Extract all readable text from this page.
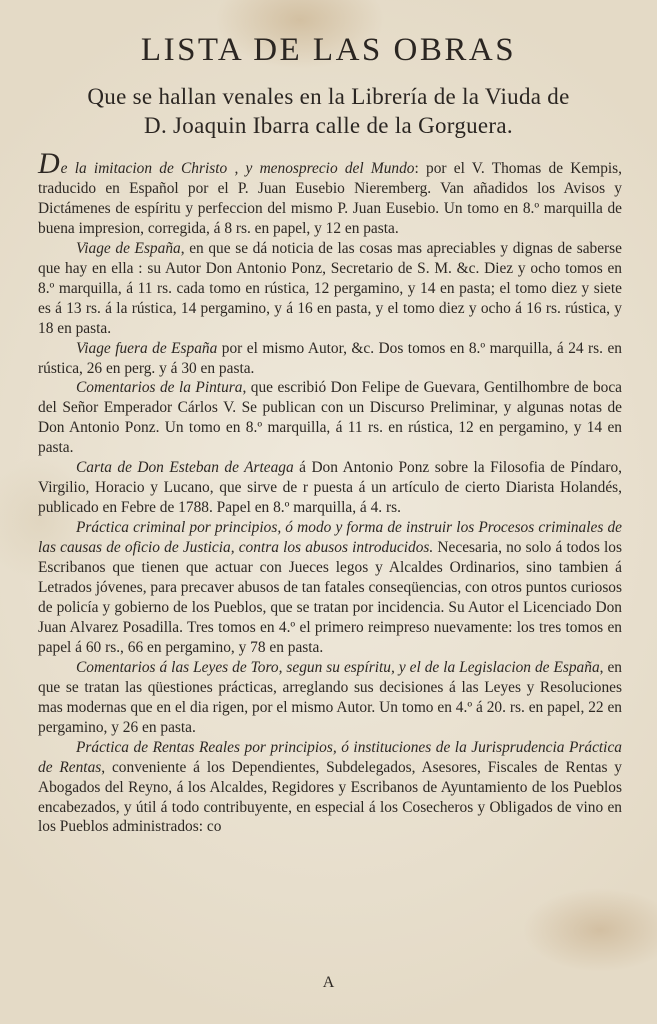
LISTA DE LAS OBRAS
Que se hallan venales en la Librería de la Viuda de
D. Joaquin Ibarra calle de la Gorguera.

De la imitacion de Christo , y menosprecio del Mundo: por el V. Thomas de Kempis, traducido en Español por el P. Juan Eusebio Nieremberg. Van añadidos los Avisos y Dictámenes de espíritu y perfeccion del mismo P. Juan Eusebio. Un tomo en 8.º marquilla de buena impresion, corregida, á 8 rs. en papel, y 12 en pasta.

Viage de España, en que se dá noticia de las cosas mas apreciables y dignas de saberse que hay en ella : su Autor Don Antonio Ponz, Secretario de S. M. &c. Diez y ocho tomos en 8.º marquilla, á 11 rs. cada tomo en rústica, 12 pergamino, y 14 en pasta; el tomo diez y siete es á 13 rs. á la rústica, 14 pergamino, y á 16 en pasta, y el tomo diez y ocho á 16 rs. rústica, y 18 en pasta.

Viage fuera de España por el mismo Autor, &c. Dos tomos en 8.º marquilla, á 24 rs. en rústica, 26 en perg. y á 30 en pasta.

Comentarios de la Pintura, que escribió Don Felipe de Guevara, Gentilhombre de boca del Señor Emperador Cárlos V. Se publican con un Discurso Preliminar, y algunas notas de Don Antonio Ponz. Un tomo en 8.º marquilla, á 11 rs. en rústica, 12 en pergamino, y 14 en pasta.

Carta de Don Esteban de Arteaga á Don Antonio Ponz sobre la Filosofia de Píndaro, Virgilio, Horacio y Lucano, que sirve de r puesta á un artículo de cierto Diarista Holandés, publicado en Febre de 1788. Papel en 8.º marquilla, á 4. rs.

Práctica criminal por principios, ó modo y forma de instruir los Procesos criminales de las causas de oficio de Justicia, contra los abusos introducidos. Necesaria, no solo á todos los Escribanos que tienen que actuar con Jueces legos y Alcaldes Ordinarios, sino tambien á Letrados jóvenes, para precaver abusos de tan fatales conseqüencias, con otros puntos curiosos de policía y gobierno de los Pueblos, que se tratan por incidencia. Su Autor el Licenciado Don Juan Alvarez Posadilla. Tres tomos en 4.º el primero reimpreso nuevamente: los tres tomos en papel á 60 rs., 66 en pergamino, y 78 en pasta.

Comentarios á las Leyes de Toro, segun su espíritu, y el de la Legislacion de España, en que se tratan las qüestiones prácticas, arreglando sus decisiones á las Leyes y Resoluciones mas modernas que en el dia rigen, por el mismo Autor. Un tomo en 4.º á 20. rs. en papel, 22 en pergamino, y 26 en pasta.

Práctica de Rentas Reales por principios, ó instituciones de la Jurisprudencia Práctica de Rentas, conveniente á los Dependientes, Subdelegados, Asesores, Fiscales de Rentas y Abogados del Reyno, á los Alcaldes, Regidores y Escribanos de Ayuntamiento de los Pueblos encabezados, y útil á todo contribuyente, en especial á los Cosecheros y Obligados de vino en los Pueblos administrados: co

A
